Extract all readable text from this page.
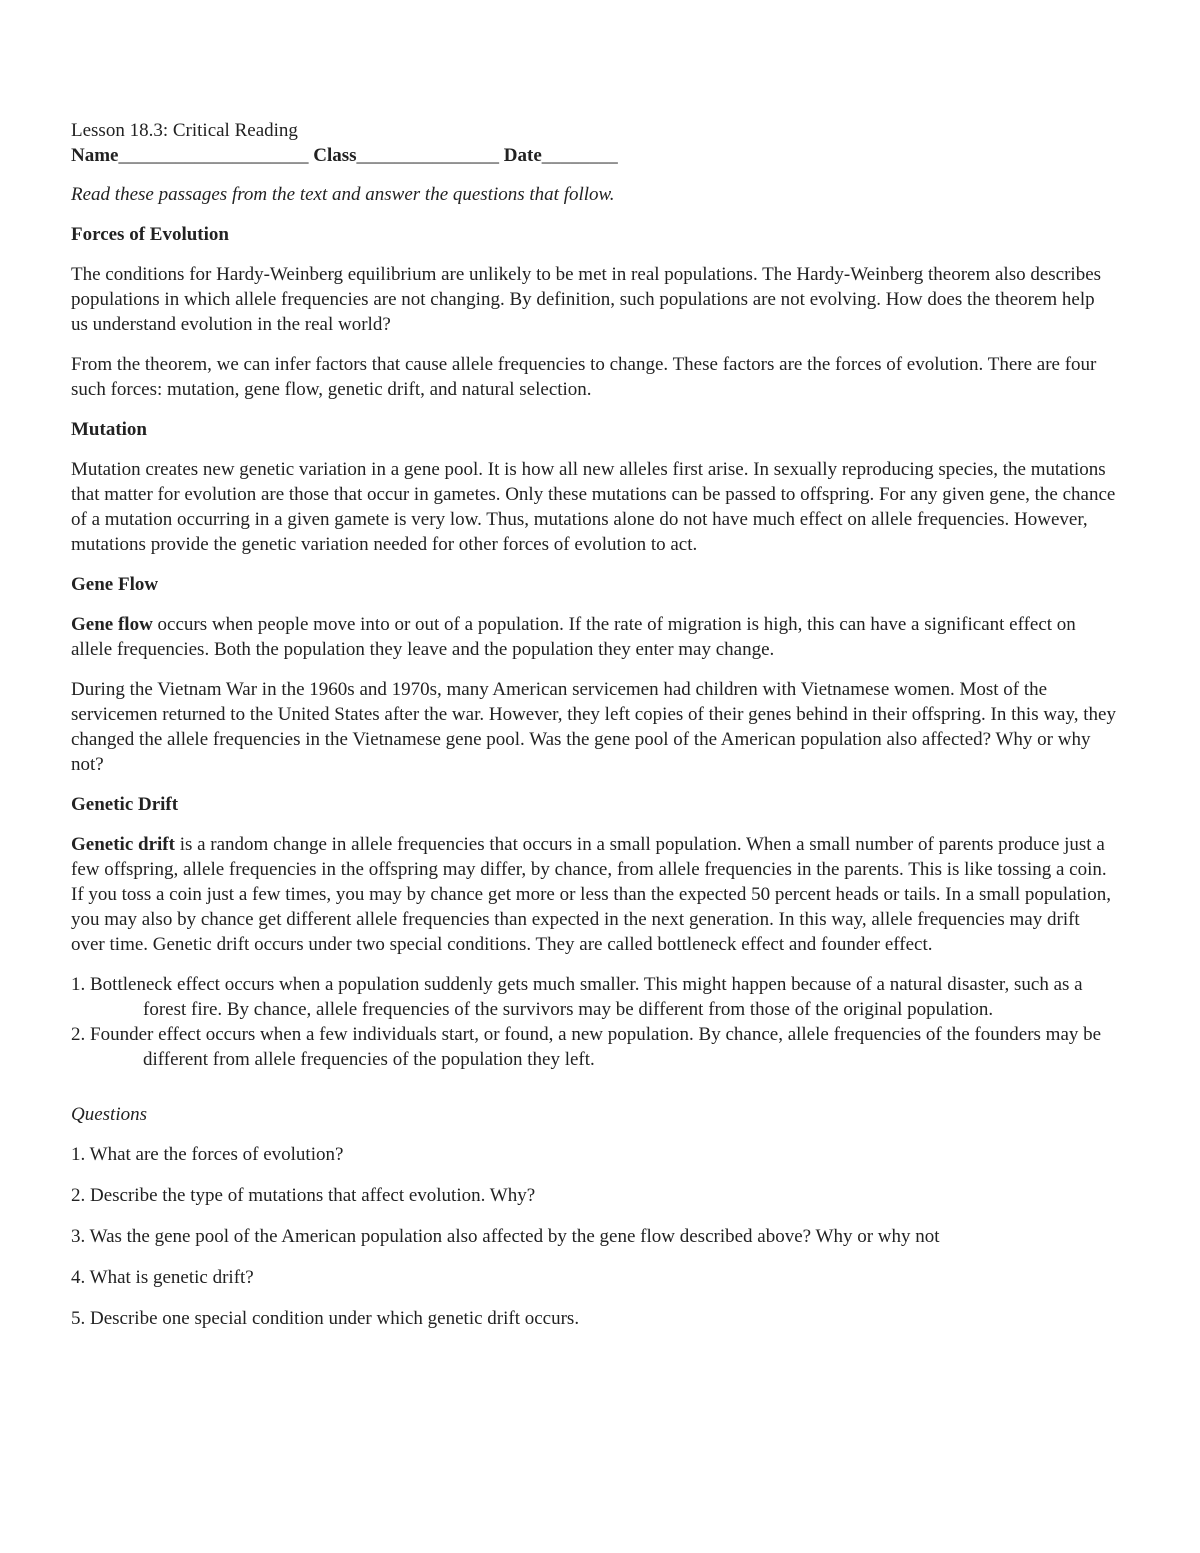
Lesson 18.3: Critical Reading
Name____________________ Class_______________ Date________

Read these passages from the text and answer the questions that follow.

Forces of Evolution

The conditions for Hardy-Weinberg equilibrium are unlikely to be met in real populations. The Hardy-Weinberg theorem also describes populations in which allele frequencies are not changing. By definition, such populations are not evolving. How does the theorem help us understand evolution in the real world?

From the theorem, we can infer factors that cause allele frequencies to change. These factors are the forces of evolution. There are four such forces: mutation, gene flow, genetic drift, and natural selection.

Mutation

Mutation creates new genetic variation in a gene pool. It is how all new alleles first arise. In sexually reproducing species, the mutations that matter for evolution are those that occur in gametes. Only these mutations can be passed to offspring. For any given gene, the chance of a mutation occurring in a given gamete is very low. Thus, mutations alone do not have much effect on allele frequencies. However, mutations provide the genetic variation needed for other forces of evolution to act.

Gene Flow

Gene flow occurs when people move into or out of a population. If the rate of migration is high, this can have a significant effect on allele frequencies. Both the population they leave and the population they enter may change.

During the Vietnam War in the 1960s and 1970s, many American servicemen had children with Vietnamese women. Most of the servicemen returned to the United States after the war. However, they left copies of their genes behind in their offspring. In this way, they changed the allele frequencies in the Vietnamese gene pool. Was the gene pool of the American population also affected? Why or why not?

Genetic Drift

Genetic drift is a random change in allele frequencies that occurs in a small population. When a small number of parents produce just a few offspring, allele frequencies in the offspring may differ, by chance, from allele frequencies in the parents. This is like tossing a coin. If you toss a coin just a few times, you may by chance get more or less than the expected 50 percent heads or tails. In a small population, you may also by chance get different allele frequencies than expected in the next generation. In this way, allele frequencies may drift over time. Genetic drift occurs under two special conditions. They are called bottleneck effect and founder effect.

1. Bottleneck effect occurs when a population suddenly gets much smaller. This might happen because of a natural disaster, such as a forest fire. By chance, allele frequencies of the survivors may be different from those of the original population.
2. Founder effect occurs when a few individuals start, or found, a new population. By chance, allele frequencies of the founders may be different from allele frequencies of the population they left.
Questions
1. What are the forces of evolution?
2. Describe the type of mutations that affect evolution. Why?
3. Was the gene pool of the American population also affected by the gene flow described above? Why or why not
4. What is genetic drift?
5. Describe one special condition under which genetic drift occurs.
